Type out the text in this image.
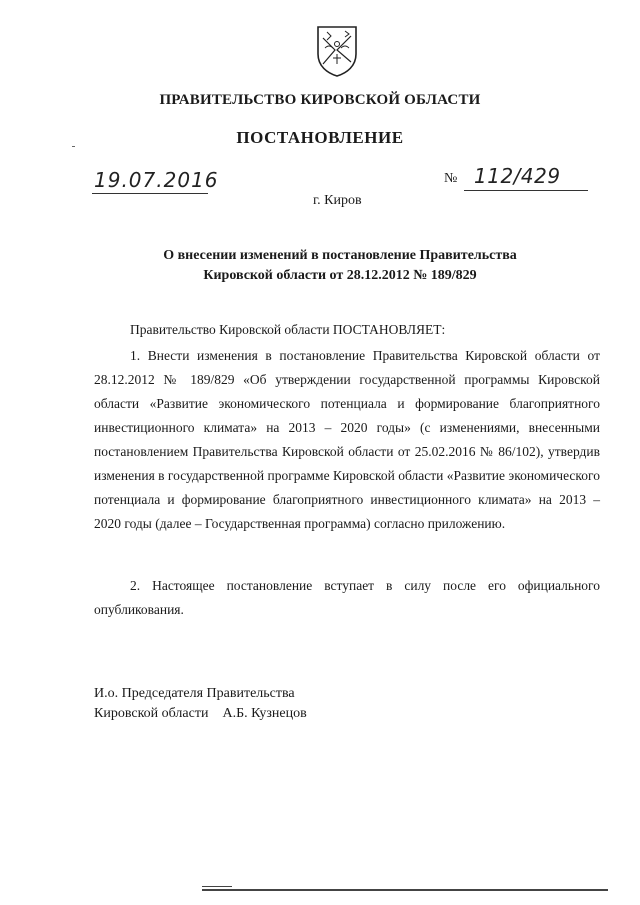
ПРАВИТЕЛЬСТВО КИРОВСКОЙ ОБЛАСТИ
ПОСТАНОВЛЕНИЕ
19.07.2016	№ 112/429
г. Киров
О внесении изменений в постановление Правительства
Кировской области от 28.12.2012 № 189/829
Правительство Кировской области ПОСТАНОВЛЯЕТ:
1. Внести изменения в постановление Правительства Кировской области от 28.12.2012 № 189/829 «Об утверждении государственной программы Кировской области «Развитие экономического потенциала и формирование благоприятного инвестиционного климата» на 2013 – 2020 годы» (с изменениями, внесенными постановлением Правительства Кировской области от 25.02.2016 № 86/102), утвердив изменения в государственной программе Кировской области «Развитие экономического потенциала и формирование благоприятного инвестиционного климата» на 2013 – 2020 годы (далее – Государственная программа) согласно приложению.
2. Настоящее постановление вступает в силу после его официального опубликования.
И.о. Председателя Правительства
Кировской области А.Б. Кузнецов
